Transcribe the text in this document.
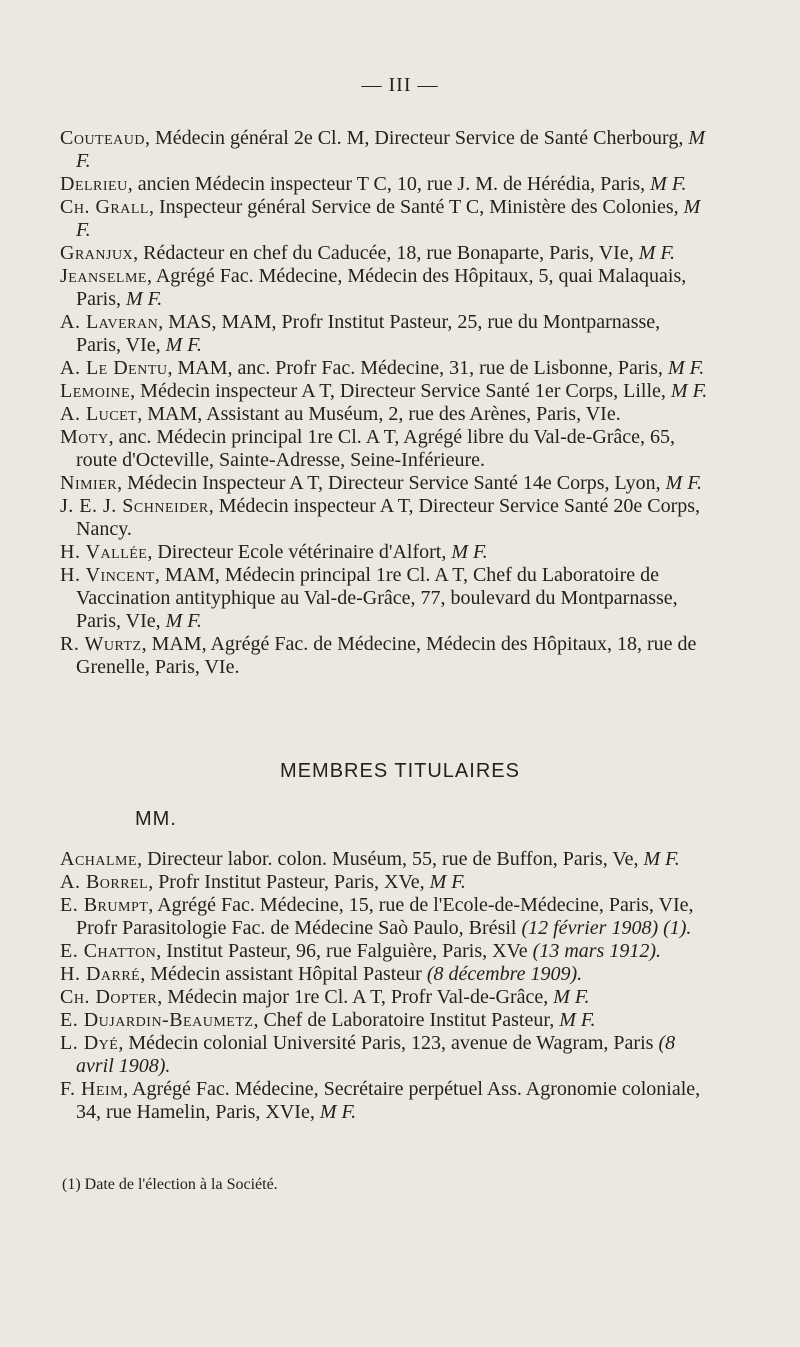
— III —

Couteaud, Médecin général 2e Cl. M, Directeur Service de Santé Cherbourg, M F.

Delrieu, ancien Médecin inspecteur T C, 10, rue J. M. de Hérédia, Paris, M F.

Ch. Grall, Inspecteur général Service de Santé T C, Ministère des Colonies, M F.

Granjux, Rédacteur en chef du Caducée, 18, rue Bonaparte, Paris, VIe, M F.

Jeanselme, Agrégé Fac. Médecine, Médecin des Hôpitaux, 5, quai Malaquais, Paris, M F.

A. Laveran, MAS, MAM, Profr Institut Pasteur, 25, rue du Montparnasse, Paris, VIe, M F.

A. Le Dentu, MAM, anc. Profr Fac. Médecine, 31, rue de Lisbonne, Paris, M F.

Lemoine, Médecin inspecteur A T, Directeur Service Santé 1er Corps, Lille, M F.

A. Lucet, MAM, Assistant au Muséum, 2, rue des Arènes, Paris, VIe.

Moty, anc. Médecin principal 1re Cl. A T, Agrégé libre du Val-de-Grâce, 65, route d'Octeville, Sainte-Adresse, Seine-Inférieure.

Nimier, Médecin Inspecteur A T, Directeur Service Santé 14e Corps, Lyon, M F.

J. E. J. Schneider, Médecin inspecteur A T, Directeur Service Santé 20e Corps, Nancy.

H. Vallée, Directeur Ecole vétérinaire d'Alfort, M F.

H. Vincent, MAM, Médecin principal 1re Cl. A T, Chef du Laboratoire de Vaccination antityphique au Val-de-Grâce, 77, boulevard du Montparnasse, Paris, VIe, M F.

R. Wurtz, MAM, Agrégé Fac. de Médecine, Médecin des Hôpitaux, 18, rue de Grenelle, Paris, VIe.

MEMBRES TITULAIRES
MM.

Achalme, Directeur labor. colon. Muséum, 55, rue de Buffon, Paris, Ve, M F.

A. Borrel, Profr Institut Pasteur, Paris, XVe, M F.

E. Brumpt, Agrégé Fac. Médecine, 15, rue de l'Ecole-de-Médecine, Paris, VIe, Profr Parasitologie Fac. de Médecine Saò Paulo, Brésil (12 février 1908) (1).

E. Chatton, Institut Pasteur, 96, rue Falguière, Paris, XVe (13 mars 1912).

H. Darré, Médecin assistant Hôpital Pasteur (8 décembre 1909).

Ch. Dopter, Médecin major 1re Cl. A T, Profr Val-de-Grâce, M F.

E. Dujardin-Beaumetz, Chef de Laboratoire Institut Pasteur, M F.

L. Dyé, Médecin colonial Université Paris, 123, avenue de Wagram, Paris (8 avril 1908).

F. Heim, Agrégé Fac. Médecine, Secrétaire perpétuel Ass. Agronomie coloniale, 34, rue Hamelin, Paris, XVIe, M F.

(1) Date de l'élection à la Société.
